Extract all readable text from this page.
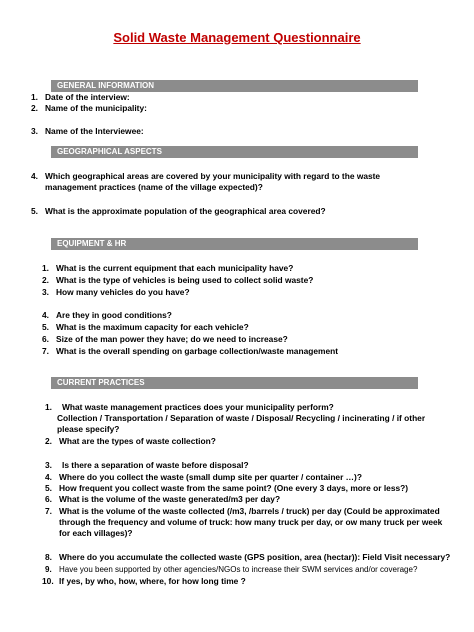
Solid Waste Management Questionnaire
GENERAL INFORMATION
1. Date of the interview:
2. Name of the municipality:
3. Name of the Interviewee:
GEOGRAPHICAL ASPECTS
4. Which geographical areas are covered by your municipality with regard to the waste
management practices (name of the village expected)?
5. What is the approximate population of the geographical area covered?
EQUIPMENT & HR
1. What is the current equipment that each municipality have?
2. What is the type of vehicles is being used to collect solid waste?
3. How many vehicles do you have?
4. Are they in good conditions?
5. What is the maximum capacity for each vehicle?
6. Size of the man power they have; do we need to increase?
7. What is the overall spending on garbage collection/waste management
CURRENT PRACTICES
1. What waste management practices does your municipality perform?
Collection / Transportation / Separation of waste / Disposal/ Recycling / incinerating / if other
please specify?
2. What are the types of waste collection?
3. Is there a separation of waste before disposal?
4. Where do you collect the waste (small dump site per quarter / container …)?
5. How frequent you collect waste from the same point? (One every 3 days, more or less?)
6. What is the volume of the waste generated/m3 per day?
7. What is the volume of the waste collected (/m3, /barrels / truck) per day (Could be approximated
through the frequency and volume of truck: how many truck per day, or ow many truck per week
for each villages)?
8. Where do you accumulate the collected waste (GPS position, area (hectar)): Field Visit necessary?
9. Have you been supported by other agencies/NGOs to increase their SWM services and/or coverage?
10. If yes, by who, how, where, for how long time ?
